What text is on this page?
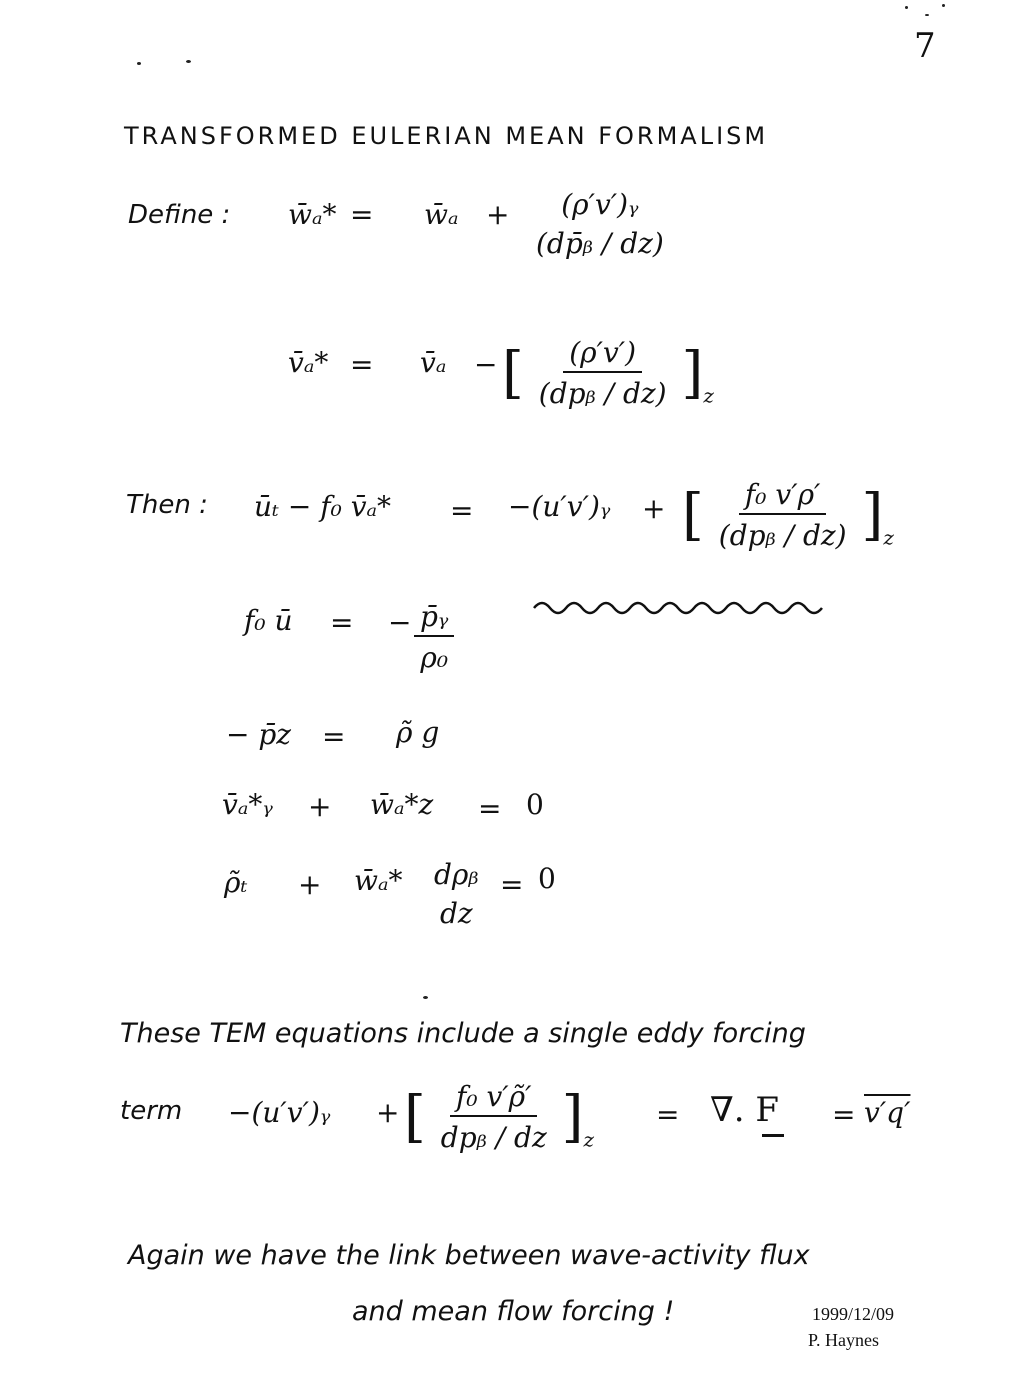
7
TRANSFORMED EULERIAN MEAN FORMALISM
Define : w̄ₐ* = w̄ₐ + (ρ′v′)ᵧ
(dp̄ᵦ / dz)
v̄ₐ* = v̄ₐ − [ $\frac{(\rho'v')}{\text{(dpᵦ / dz)}} ]_z$
Then : ūₜ − f₀ v̄ₐ* = −(u′v′)ᵧ + [ $\frac{\text{f₀ v′ρ′}}{\text{(dpᵦ / dz)}} ]_z$
f₀ ū = − $\frac{\text{p̄ᵧ}}{\text{ρ₀}}$
− p̄z = ρ̃ g
v̄ₐ*ᵧ + w̄ₐ*z = 0
ρ̃ₜ + w̄ₐ* dρᵦ
dz
= 0
These TEM equations include a single eddy forcing
term −(u′v′)ᵧ + [ $\frac{\text{f₀ v′ρ̃′}}{\text{dpᵦ / dz}} ]_z$
= ∇. F = v′q′
Again we have the link between wave-activity flux
and mean flow forcing !	1999/12/09
P. Haynes
